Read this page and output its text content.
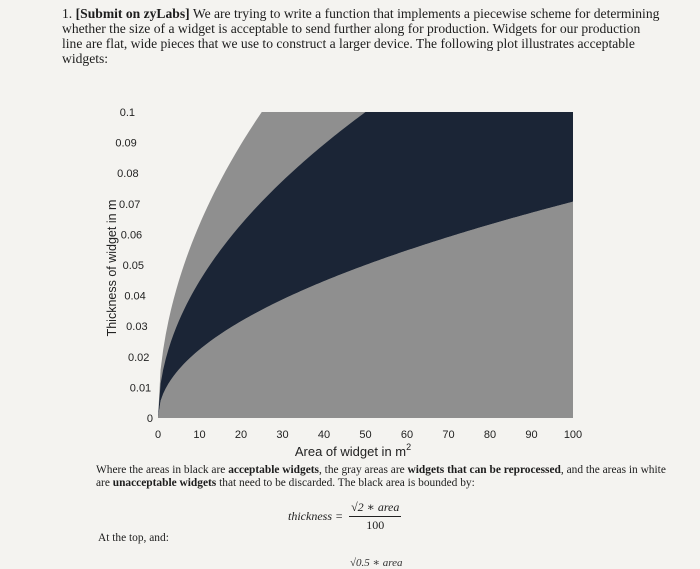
1. [Submit on zyLabs] We are trying to write a function that implements a piecewise scheme for determining whether the size of a widget is acceptable to send further along for production. Widgets for our production line are flat, wide pieces that we use to construct a larger device. The following plot illustrates acceptable widgets:
0	10	20	30	40	50	60	70	80	90 100
0
0.01
0.02
0.03
0.04
0.05
0.06
0.07
0.08
0.09
0.1
Area of widget in $m^2$
Thickness of widget in m
Where the areas in black are acceptable widgets, the gray areas are widgets that can be reprocessed, and the areas in white are unacceptable widgets that need to be discarded. The black area is bounded by:
thickness = $\frac{\text{√2 ∗ area}}{100}$
At the top, and:
√0.5 ∗ area
